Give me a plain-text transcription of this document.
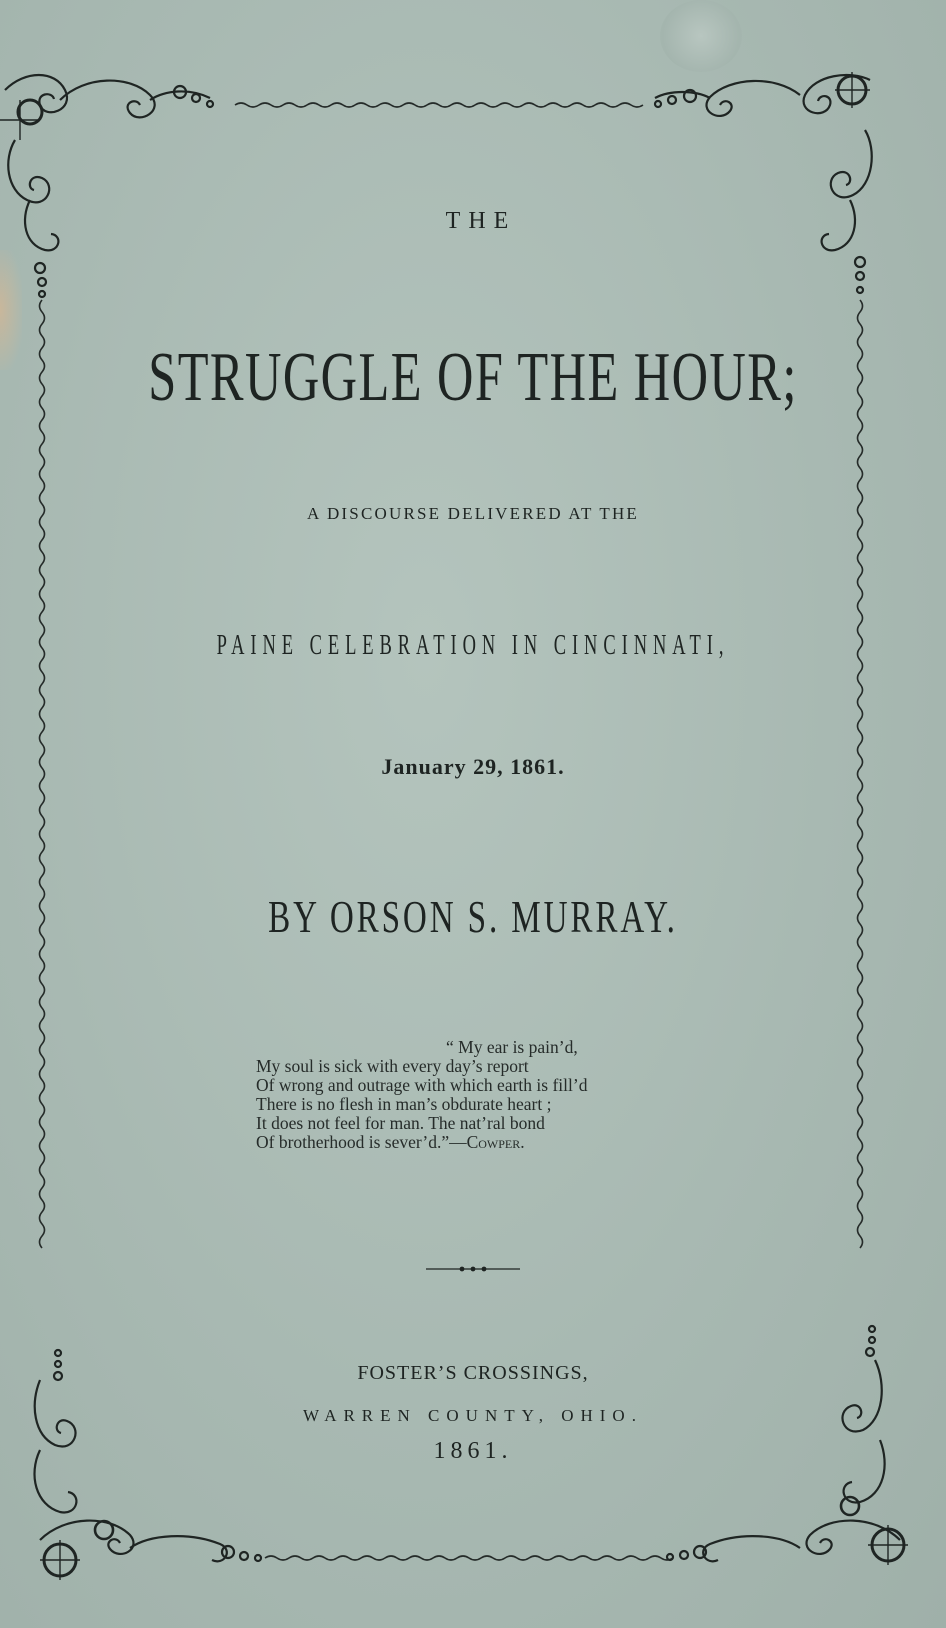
THE
STRUGGLE OF THE HOUR;
A DISCOURSE DELIVERED AT THE
PAINE CELEBRATION IN CINCINNATI,
January 29, 1861.
BY ORSON S. MURRAY.
“ My ear is pain’d,
My soul is sick with every day’s report
Of wrong and outrage with which earth is fill’d
There is no flesh in man’s obdurate heart ;
It does not feel for man. The nat’ral bond
Of brotherhood is sever’d.”—Cowper.
FOSTER’S CROSSINGS,
WARREN COUNTY, OHIO.
1861.
